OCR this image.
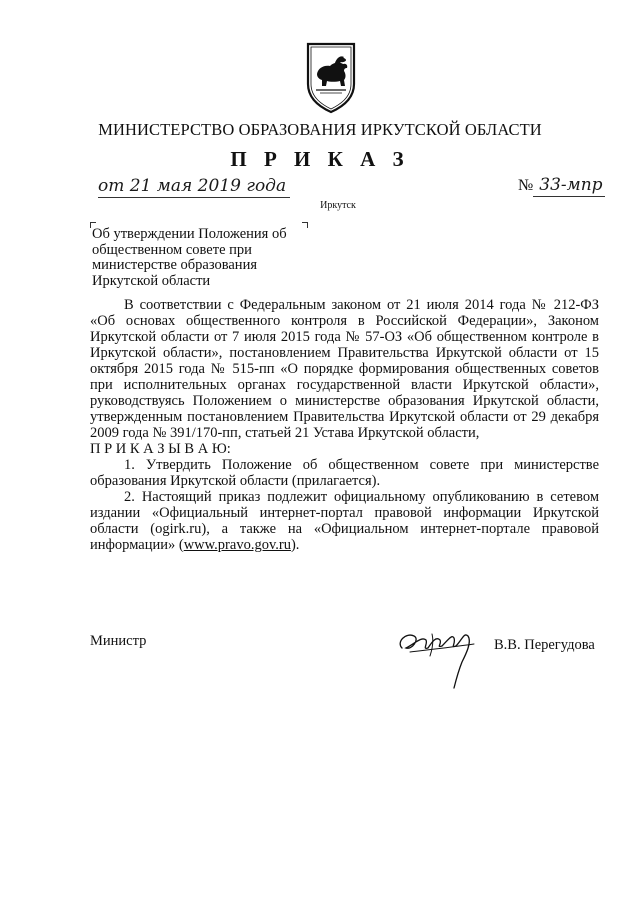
МИНИСТЕРСТВО ОБРАЗОВАНИЯ ИРКУТСКОЙ ОБЛАСТИ
П Р И К А З
от 21 мая 2019 года	№ 33-мпр
Иркутск
Об утверждении Положения об
общественном совете при
министерстве образования
Иркутской области

В соответствии с Федеральным законом от 21 июля 2014 года № 212-ФЗ «Об основах общественного контроля в Российской Федерации», Законом Иркутской области от 7 июля 2015 года № 57-ОЗ «Об общественном контроле в Иркутской области», постановлением Правительства Иркутской области от 15 октября 2015 года № 515-пп «О порядке формирования общественных советов при исполнительных органах государственной власти Иркутской области», руководствуясь Положением о министерстве образования Иркутской области, утвержденным постановлением Правительства Иркутской области от 29 декабря 2009 года № 391/170-пп, статьей 21 Устава Иркутской области,

П Р И К А З Ы В А Ю:

1. Утвердить Положение об общественном совете при министерстве образования Иркутской области (прилагается).

2. Настоящий приказ подлежит официальному опубликованию в сетевом издании «Официальный интернет-портал правовой информации Иркутской области (ogirk.ru), а также на «Официальном интернет-портале правовой информации» (www.pravo.gov.ru).

Министр	В.В. Перегудова
